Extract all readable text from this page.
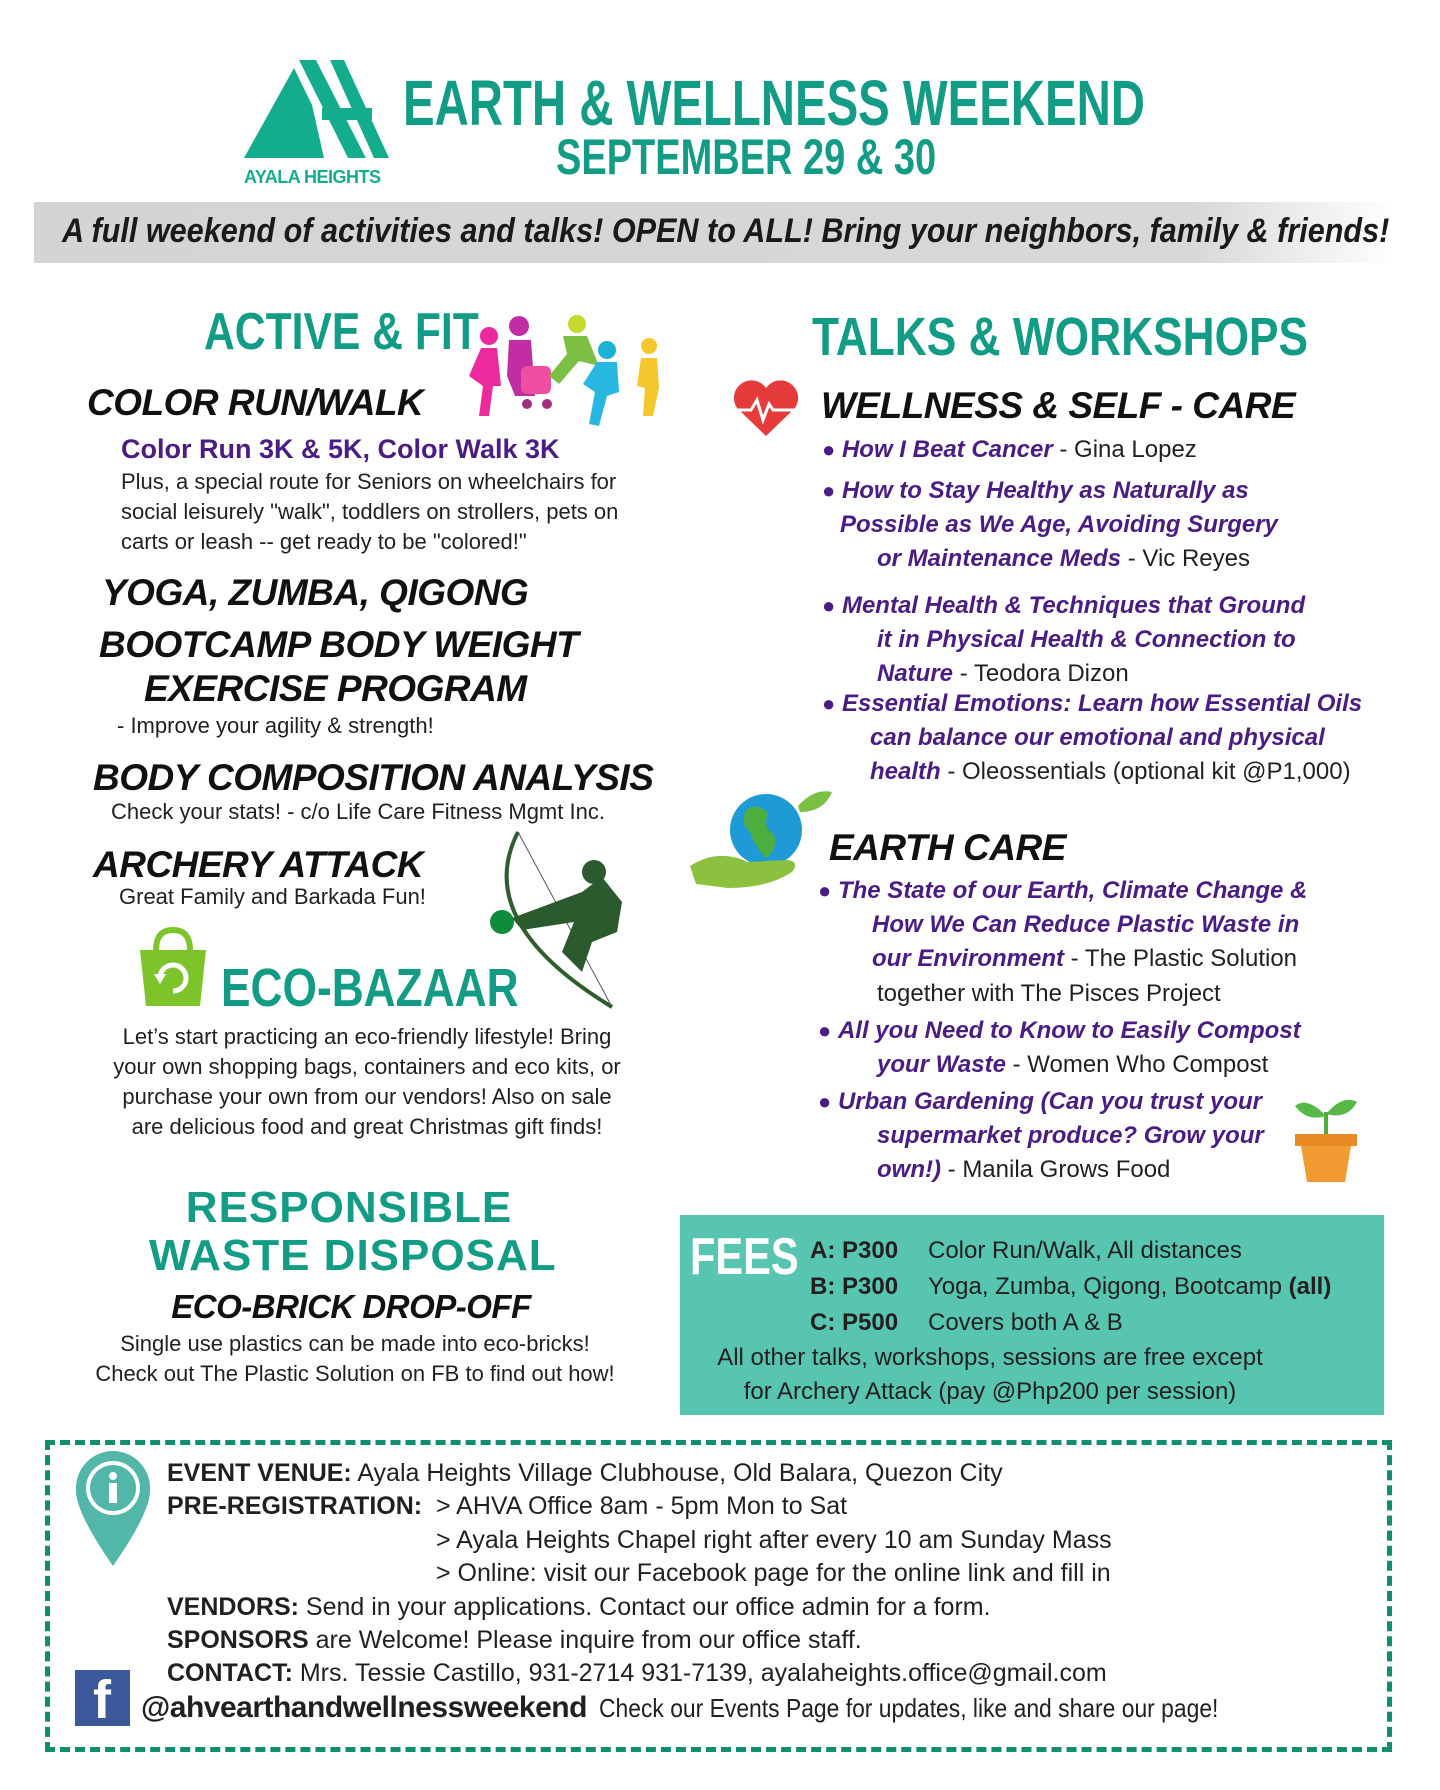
AYALA HEIGHTS
EARTH & WELLNESS WEEKEND
SEPTEMBER 29 & 30
A full weekend of activities and talks! OPEN to ALL! Bring your neighbors, family & friends!
ACTIVE & FIT
COLOR RUN/WALK
Color Run 3K & 5K, Color Walk 3K
Plus, a special route for Seniors on wheelchairs for
social leisurely "walk", toddlers on strollers, pets on
carts or leash -- get ready to be "colored!"
YOGA, ZUMBA, QIGONG
BOOTCAMP BODY WEIGHT
EXERCISE PROGRAM
- Improve your agility & strength!
BODY COMPOSITION ANALYSIS
Check your stats! - c/o Life Care Fitness Mgmt Inc.
ARCHERY ATTACK
Great Family and Barkada Fun!
ECO-BAZAAR
Let’s start practicing an eco-friendly lifestyle! Bring
your own shopping bags, containers and eco kits, or
purchase your own from our vendors! Also on sale
are delicious food and great Christmas gift finds!
RESPONSIBLE
WASTE DISPOSAL
ECO-BRICK DROP-OFF
Single use plastics can be made into eco-bricks!
Check out The Plastic Solution on FB to find out how!
TALKS & WORKSHOPS
WELLNESS & SELF - CARE
● How I Beat Cancer - Gina Lopez
● How to Stay Healthy as Naturally as
Possible as We Age, Avoiding Surgery
or Maintenance Meds - Vic Reyes
● Mental Health & Techniques that Ground
it in Physical Health & Connection to
Nature - Teodora Dizon
● Essential Emotions: Learn how Essential Oils
can balance our emotional and physical
health - Oleossentials (optional kit @P1,000)
EARTH CARE
● The State of our Earth, Climate Change &
How We Can Reduce Plastic Waste in
our Environment - The Plastic Solution
together with The Pisces Project
● All you Need to Know to Easily Compost
your Waste - Women Who Compost
● Urban Gardening (Can you trust your
supermarket produce? Grow your
own!) - Manila Grows Food
FEES A: P300 Color Run/Walk, All distances
B: P300 Yoga, Zumba, Qigong, Bootcamp (all)
C: P500 Covers both A & B
All other talks, workshops, sessions are free except
for Archery Attack (pay @Php200 per session)
EVENT VENUE: Ayala Heights Village Clubhouse, Old Balara, Quezon City
PRE-REGISTRATION: > AHVA Office 8am - 5pm Mon to Sat
> Ayala Heights Chapel right after every 10 am Sunday Mass
> Online: visit our Facebook page for the online link and fill in
VENDORS: Send in your applications. Contact our office admin for a form.
SPONSORS are Welcome! Please inquire from our office staff.
CONTACT: Mrs. Tessie Castillo, 931-2714 931-7139, ayalaheights.office@gmail.com
f @ahvearthandwellnessweekend Check our Events Page for updates, like and share our page!
